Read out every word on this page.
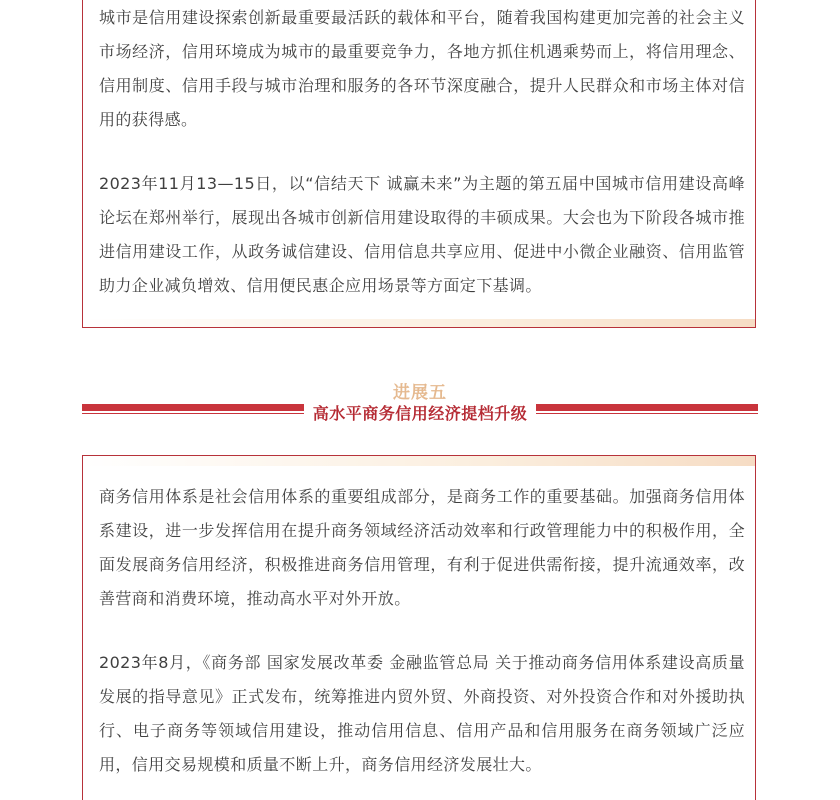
城市是信用建设探索创新最重要最活跃的载体和平台，随着我国构建更加完善的社会主义市场经济，信用环境成为城市的最重要竞争力，各地方抓住机遇乘势而上，将信用理念、信用制度、信用手段与城市治理和服务的各环节深度融合，提升人民群众和市场主体对信用的获得感。

2023年11月13—15日，以“信结天下 诚赢未来”为主题的第五届中国城市信用建设高峰论坛在郑州举行，展现出各城市创新信用建设取得的丰硕成果。大会也为下阶段各城市推进信用建设工作，从政务诚信建设、信用信息共享应用、促进中小微企业融资、信用监管助力企业减负增效、信用便民惠企应用场景等方面定下基调。

进展五
高水平商务信用经济提档升级

商务信用体系是社会信用体系的重要组成部分，是商务工作的重要基础。加强商务信用体系建设，进一步发挥信用在提升商务领域经济活动效率和行政管理能力中的积极作用，全面发展商务信用经济，积极推进商务信用管理，有利于促进供需衔接，提升流通效率，改善营商和消费环境，推动高水平对外开放。

2023年8月，《商务部 国家发展改革委 金融监管总局 关于推动商务信用体系建设高质量发展的指导意见》正式发布，统筹推进内贸外贸、外商投资、对外投资合作和对外援助执行、电子商务等领域信用建设，推动信用信息、信用产品和信用服务在商务领域广泛应用，信用交易规模和质量不断上升，商务信用经济发展壮大。
